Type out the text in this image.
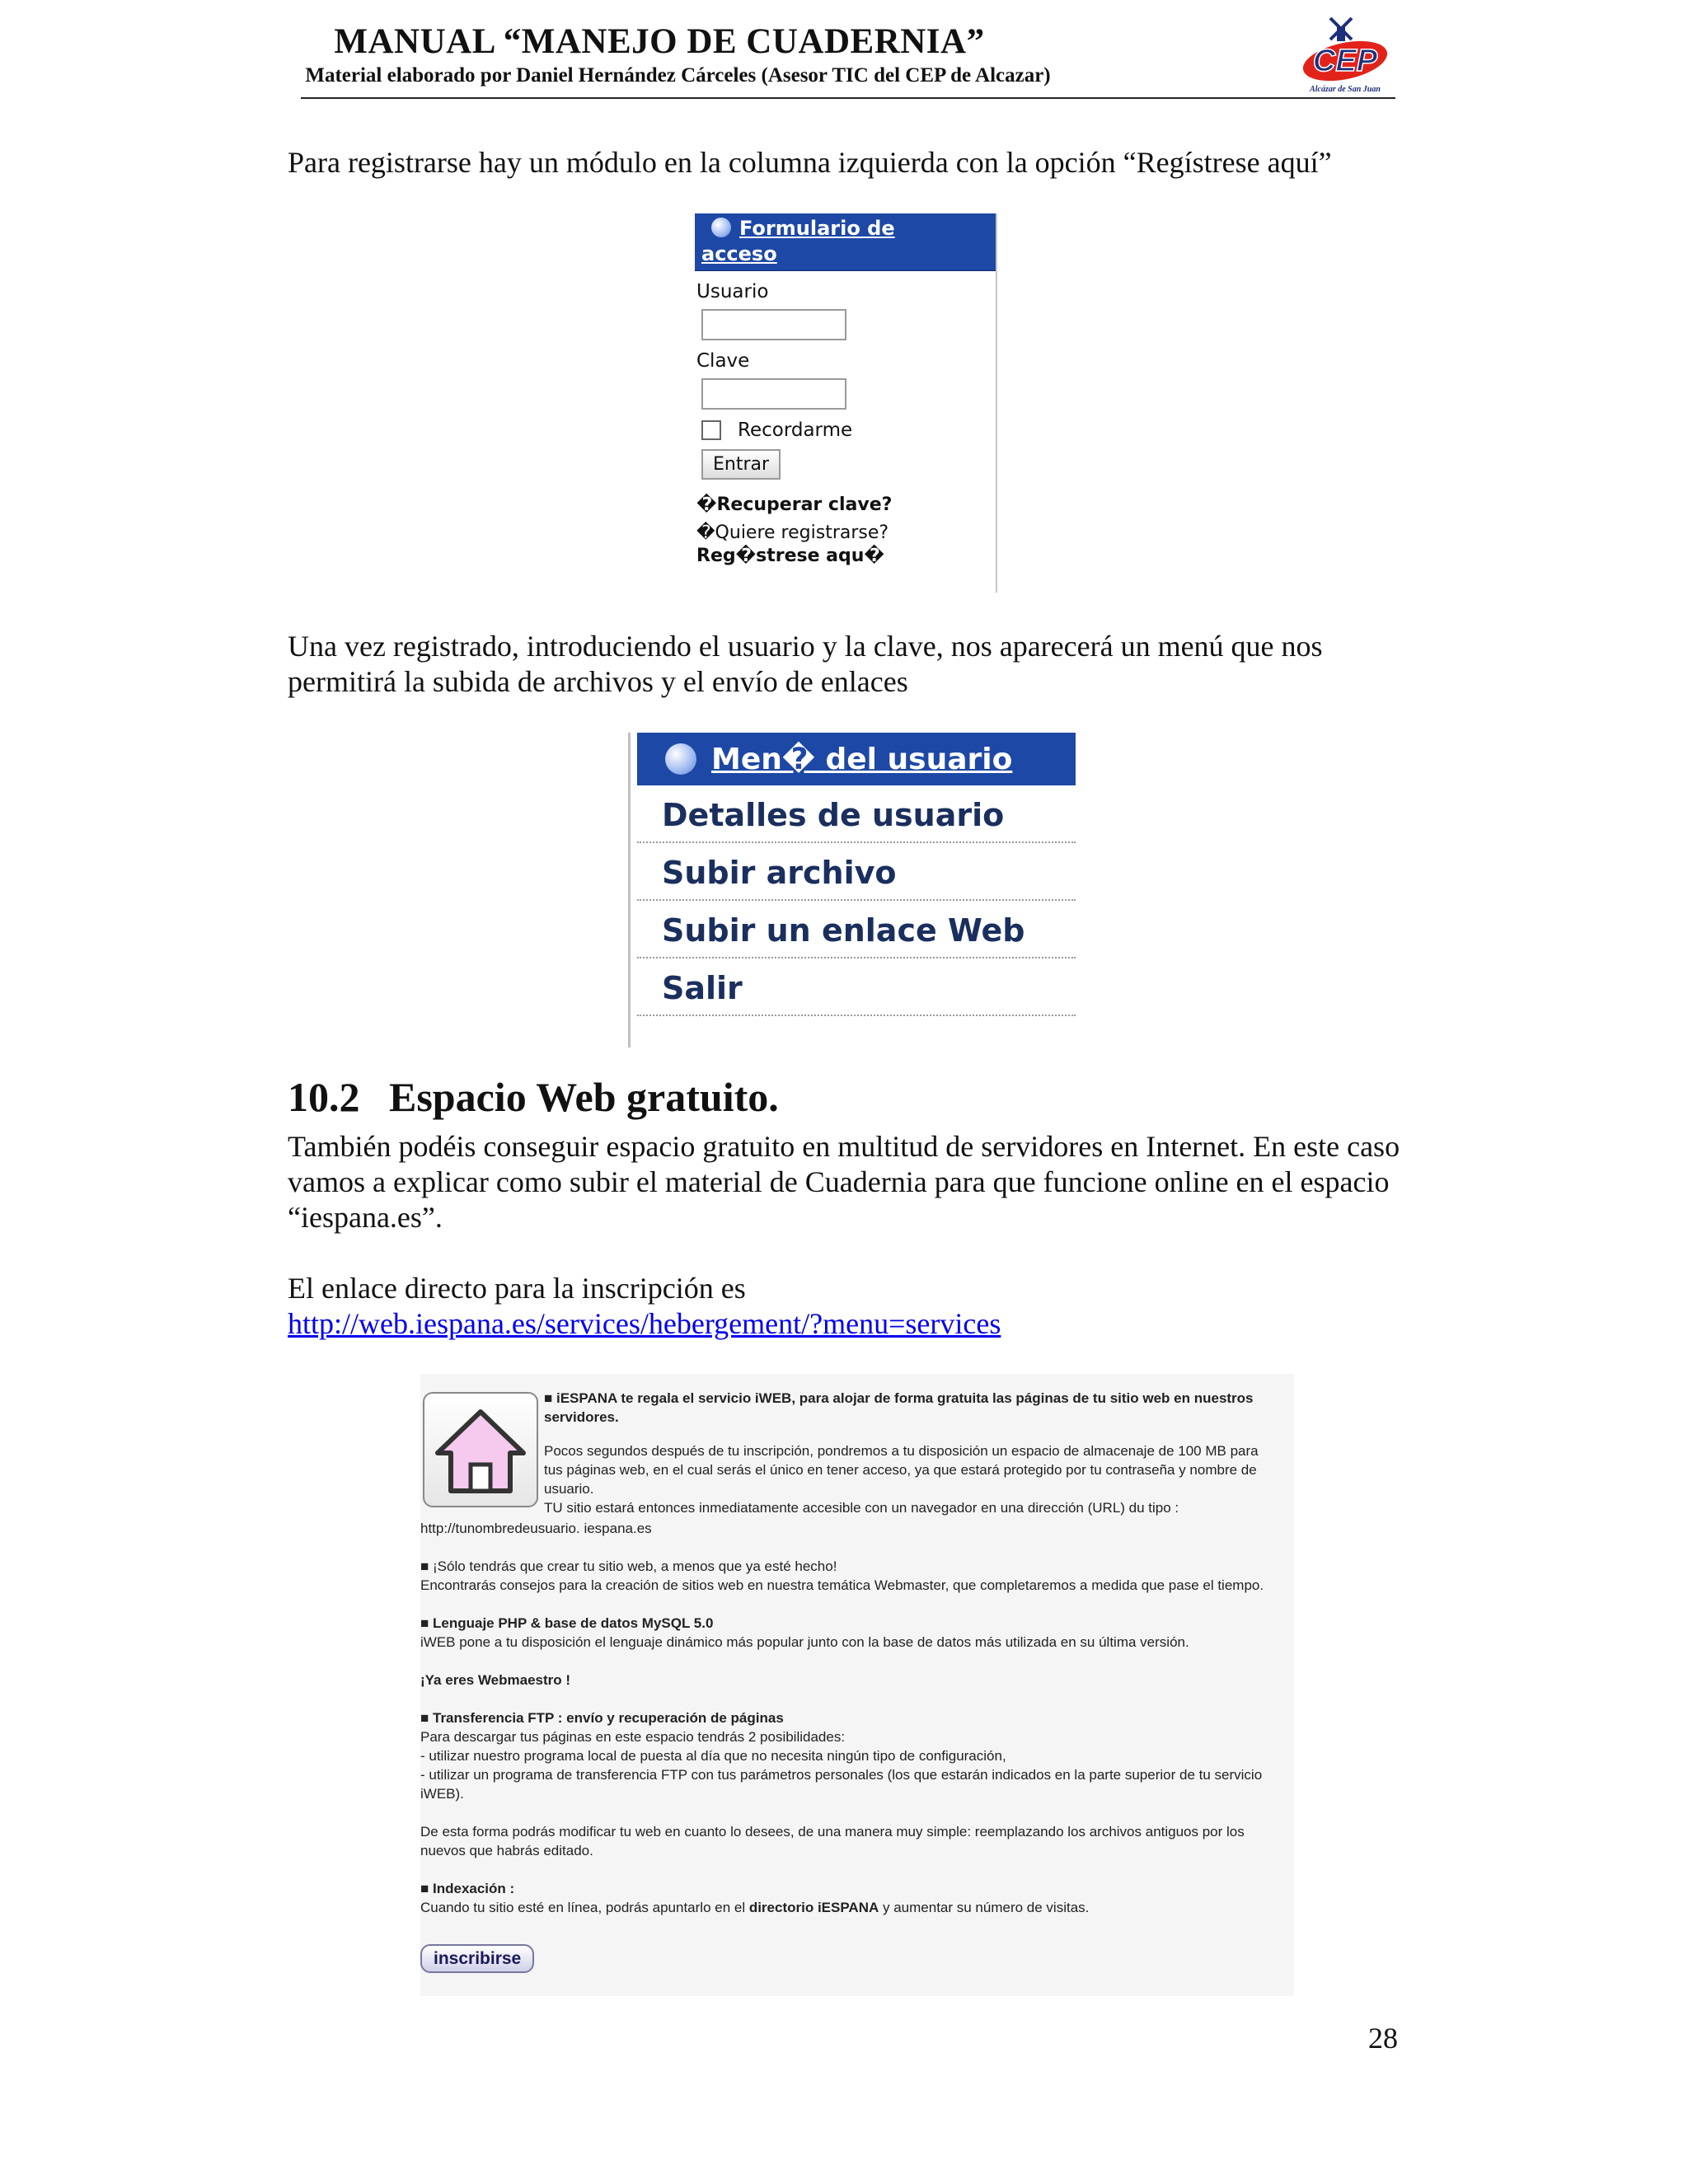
MANUAL “MANEJO DE CUADERNIA”
Material elaborado por Daniel Hernández Cárceles (Asesor TIC del CEP de Alcazar)	CEP
Alcázar de San Juan
Para registrarse hay un módulo en la columna izquierda con la opción “Regístrese aquí”
Formulario de
acceso
Usuario
Clave
Recordarme
Entrar
�Recuperar clave?
�Quiere registrarse?
Reg�strese aqu�
Una vez registrado, introduciendo el usuario y la clave, nos aparecerá un menú que nos permitirá la subida de archivos y el envío de enlaces
Men� del usuario
Detalles de usuario
Subir archivo
Subir un enlace Web
Salir
10.2 Espacio Web gratuito.
También podéis conseguir espacio gratuito en multitud de servidores en Internet. En este caso vamos a explicar como subir el material de Cuadernia para que funcione online en el espacio “iespana.es”.
El enlace directo para la inscripción es
http://web.iespana.es/services/hebergement/?menu=services
■ iESPANA te regala el servicio iWEB, para alojar de forma gratuita las páginas de tu sitio web en nuestros servidores.
Pocos segundos después de tu inscripción, pondremos a tu disposición un espacio de almacenaje de 100 MB para tus páginas web, en el cual serás el único en tener acceso, ya que estará protegido por tu contraseña y nombre de usuario.
TU sitio estará entonces inmediatamente accesible con un navegador en una dirección (URL) du tipo :
http://tunombredeusuario. iespana.es
■ ¡Sólo tendrás que crear tu sitio web, a menos que ya esté hecho!
Encontrarás consejos para la creación de sitios web en nuestra temática Webmaster, que completaremos a medida que pase el tiempo.
■ Lenguaje PHP & base de datos MySQL 5.0
iWEB pone a tu disposición el lenguaje dinámico más popular junto con la base de datos más utilizada en su última versión.
¡Ya eres Webmaestro !
■ Transferencia FTP : envío y recuperación de páginas
Para descargar tus páginas en este espacio tendrás 2 posibilidades:
- utilizar nuestro programa local de puesta al día que no necesita ningún tipo de configuración,
- utilizar un programa de transferencia FTP con tus parámetros personales (los que estarán indicados en la parte superior de tu servicio iWEB).
De esta forma podrás modificar tu web en cuanto lo desees, de una manera muy simple: reemplazando los archivos antiguos por los nuevos que habrás editado.
■ Indexación :
Cuando tu sitio esté en línea, podrás apuntarlo en el directorio iESPANA y aumentar su número de visitas.
inscribirse
28
